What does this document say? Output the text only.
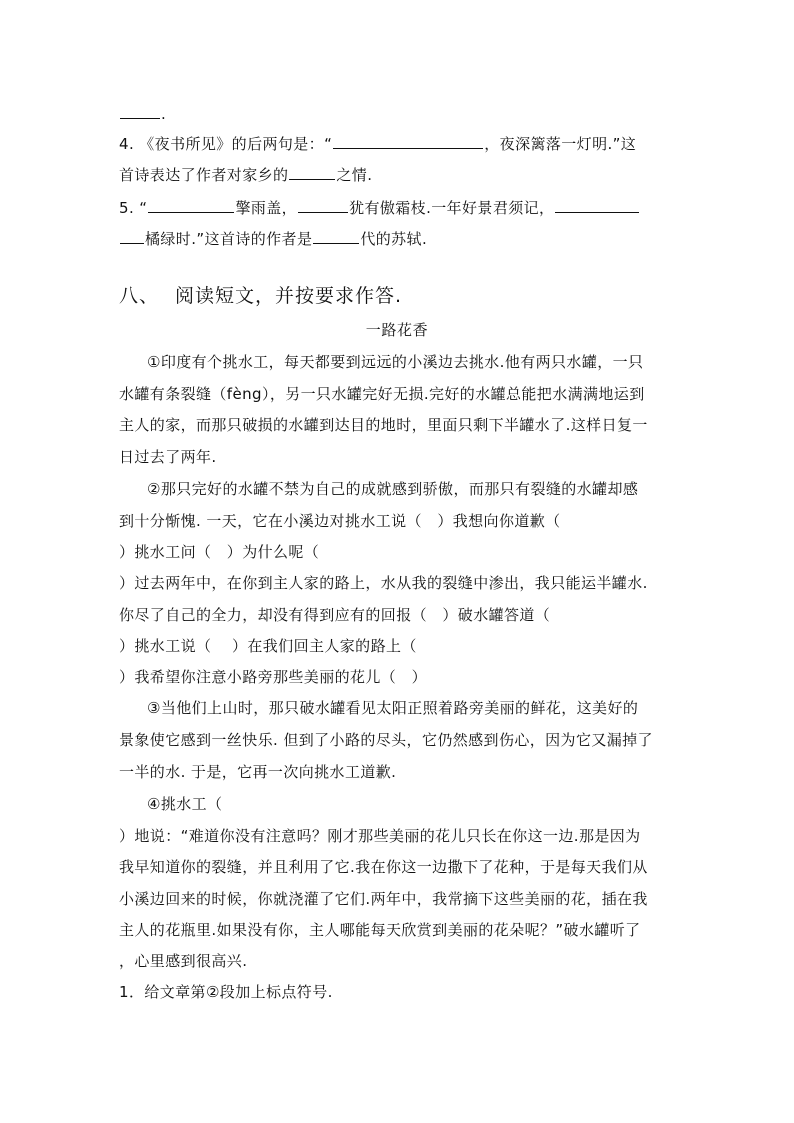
.
4. 《夜书所见》的后两句是：“	，夜深篱落一灯明.”这
首诗表达了作者对家乡的	之情.
5. “	擎雨盖，	犹有傲霜枝.一年好景君须记，
橘绿时.”这首诗的作者是	代的苏轼.
八、 阅读短文，并按要求作答.
一路花香
①印度有个挑水工，每天都要到远远的小溪边去挑水.他有两只水罐，一只
水罐有条裂缝（fèng），另一只水罐完好无损.完好的水罐总能把水满满地运到
主人的家，而那只破损的水罐到达目的地时，里面只剩下半罐水了.这样日复一
日过去了两年.
②那只完好的水罐不禁为自己的成就感到骄傲，而那只有裂缝的水罐却感
到十分惭愧. 一天，它在小溪边对挑水工说（　）我想向你道歉（
）挑水工问（　）为什么呢（
）过去两年中，在你到主人家的路上，水从我的裂缝中渗出，我只能运半罐水.
你尽了自己的全力，却没有得到应有的回报（　）破水罐答道（
）挑水工说（　 ）在我们回主人家的路上（
）我希望你注意小路旁那些美丽的花儿（　）
③当他们上山时，那只破水罐看见太阳正照着路旁美丽的鲜花，这美好的
景象使它感到一丝快乐. 但到了小路的尽头，它仍然感到伤心，因为它又漏掉了
一半的水. 于是，它再一次向挑水工道歉.
④挑水工（
）地说：“难道你没有注意吗？刚才那些美丽的花儿只长在你这一边.那是因为
我早知道你的裂缝，并且利用了它.我在你这一边撒下了花种，于是每天我们从
小溪边回来的时候，你就浇灌了它们.两年中，我常摘下这些美丽的花，插在我
主人的花瓶里.如果没有你，主人哪能每天欣赏到美丽的花朵呢？”破水罐听了
，心里感到很高兴.
1．给文章第②段加上标点符号.
